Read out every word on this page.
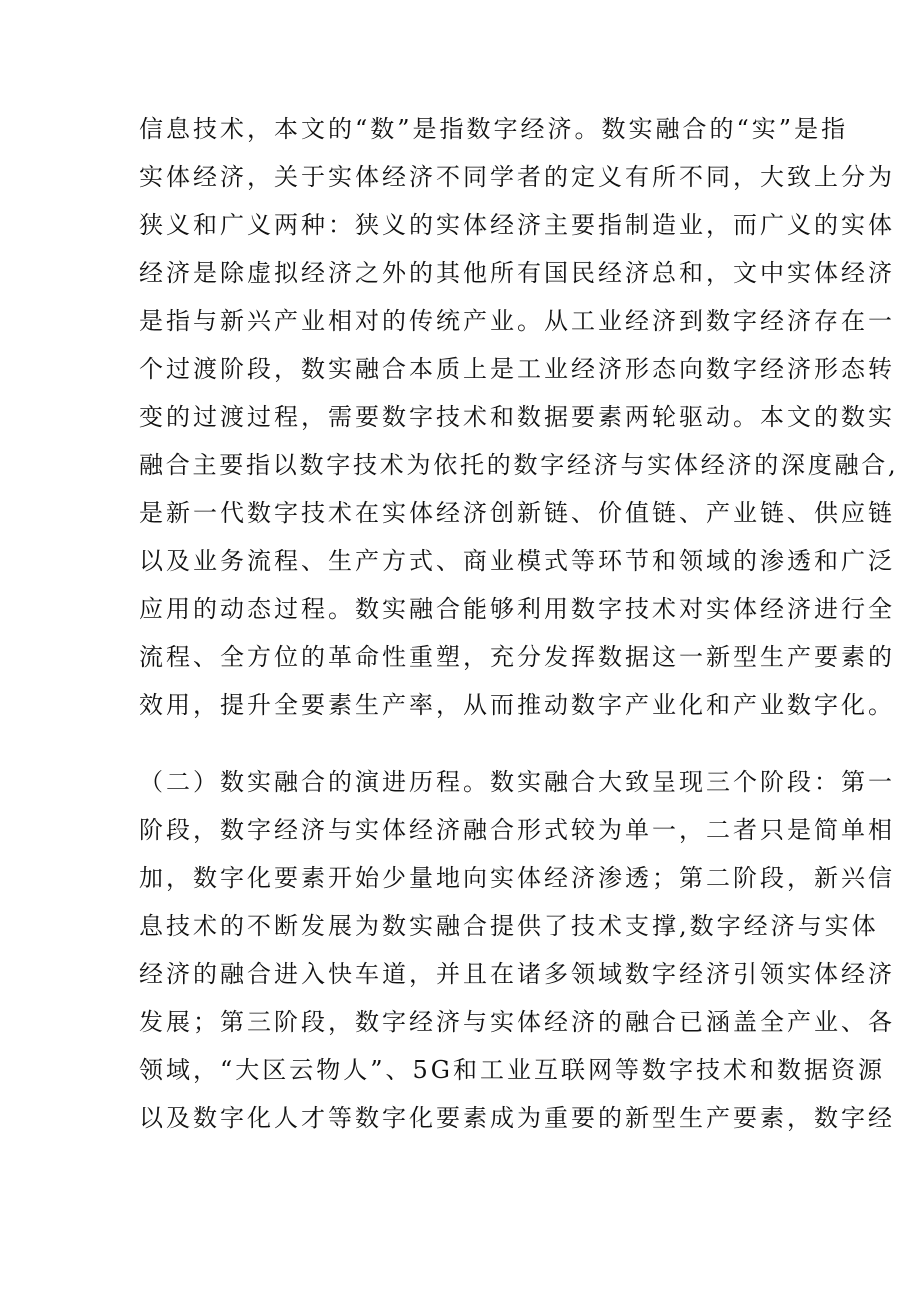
信息技术，本文的“数”是指数字经济。数实融合的“实”是指
实体经济，关于实体经济不同学者的定义有所不同，大致上分为
狭义和广义两种：狭义的实体经济主要指制造业，而广义的实体
经济是除虚拟经济之外的其他所有国民经济总和，文中实体经济
是指与新兴产业相对的传统产业。从工业经济到数字经济存在一
个过渡阶段，数实融合本质上是工业经济形态向数字经济形态转
变的过渡过程，需要数字技术和数据要素两轮驱动。本文的数实
融合主要指以数字技术为依托的数字经济与实体经济的深度融合,
是新一代数字技术在实体经济创新链、价值链、产业链、供应链
以及业务流程、生产方式、商业模式等环节和领域的渗透和广泛
应用的动态过程。数实融合能够利用数字技术对实体经济进行全
流程、全方位的革命性重塑，充分发挥数据这一新型生产要素的
效用，提升全要素生产率，从而推动数字产业化和产业数字化。
（二）数实融合的演进历程。数实融合大致呈现三个阶段：第一
阶段，数字经济与实体经济融合形式较为单一，二者只是简单相
加，数字化要素开始少量地向实体经济渗透；第二阶段，新兴信
息技术的不断发展为数实融合提供了技术支撑,数字经济与实体
经济的融合进入快车道，并且在诸多领域数字经济引领实体经济
发展；第三阶段，数字经济与实体经济的融合已涵盖全产业、各
领域，“大区云物人”、5G和工业互联网等数字技术和数据资源
以及数字化人才等数字化要素成为重要的新型生产要素，数字经
